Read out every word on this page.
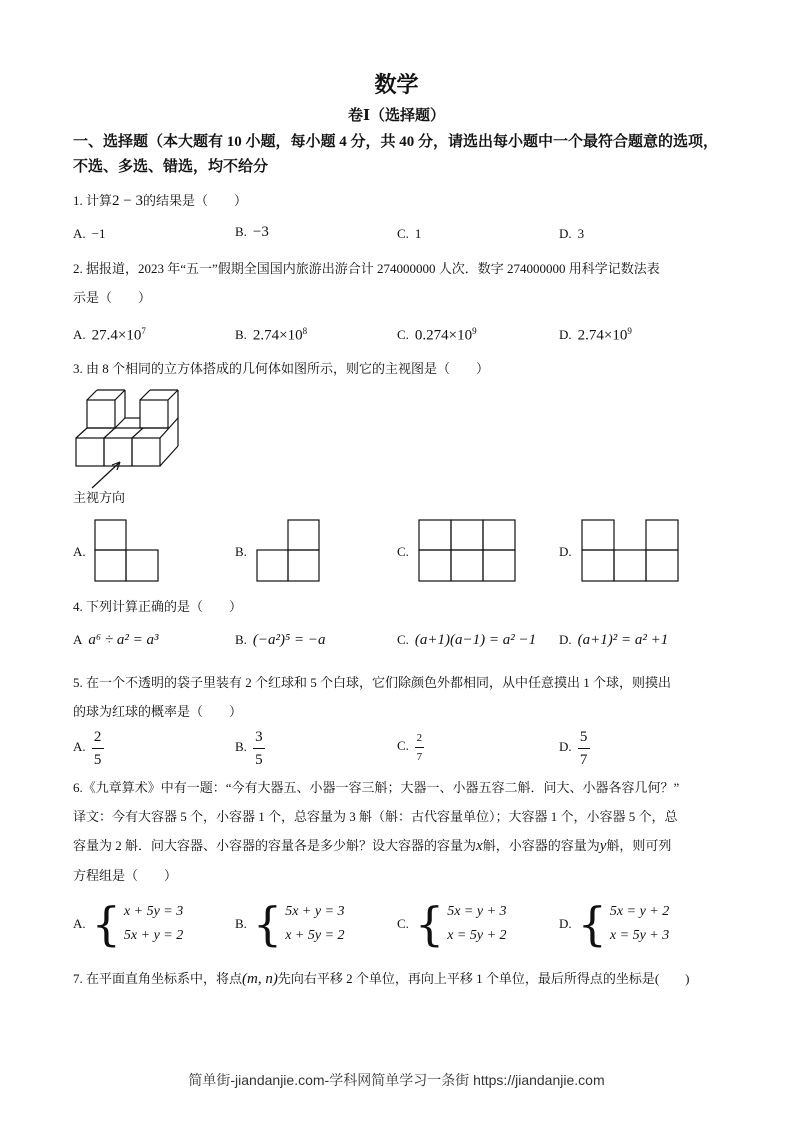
数学
卷Ⅰ（选择题）
一、选择题（本大题有 10 小题，每小题 4 分，共 40 分，请选出每小题中一个最符合题意的选项，不选、多选、错选，均不给分
1. 计算2 − 3的结果是（　　）
A. −1	B. −3	C. 1	D. 3
2. 据报道，2023 年“五一”假期全国国内旅游出游合计 274000000 人次．数字 274000000 用科学记数法表
示是（　　）
A. $27.4\times 10^7$	B. $2.74\times 10^8$	C. $0.274\times 10^9$	D. $2.74\times 10^9$
3. 由 8 个相同的立方体搭成的几何体如图所示，则它的主视图是（　　）
主视方向
A.	B.	C.	D.
4. 下列计算正确的是（　　）
A a⁶ ÷ a² = a³	B. (−a²)⁵ = −a	C. (a+1)(a−1) = a² −1 D. (a+1)² = a² +1
5. 在一个不透明的袋子里装有 2 个红球和 5 个白球，它们除颜色外都相同，从中任意摸出 1 个球，则摸出
的球为红球的概率是（　　）
A. $\frac{2}{5}$	B. $\frac{3}{5}$	C. $\frac{2}{7}$	D. $\frac{5}{7}$
6.《九章算术》中有一题：“今有大器五、小器一容三斛；大器一、小器五容二斛．问大、小器各容几何？”
译文：今有大容器 5 个，小容器 1 个，总容量为 3 斛（斛：古代容量单位）；大容器 1 个，小容器 5 个，总
容量为 2 斛．问大容器、小容器的容量各是多少斛？设大容器的容量为x斛，小容器的容量为y斛，则可列
方程组是（　　）
A. { x + 5y = 3
5x + y = 2
B. { 5x + y = 3
x + 5y = 2
C. { 5x = y + 3
x = 5y + 2
D. { 5x = y + 2
x = 5y + 3
7. 在平面直角坐标系中，将点(m, n)先向右平移 2 个单位，再向上平移 1 个单位，最后所得点的坐标是(　　)
简单街-jiandanjie.com-学科网简单学习一条街 https://jiandanjie.com
